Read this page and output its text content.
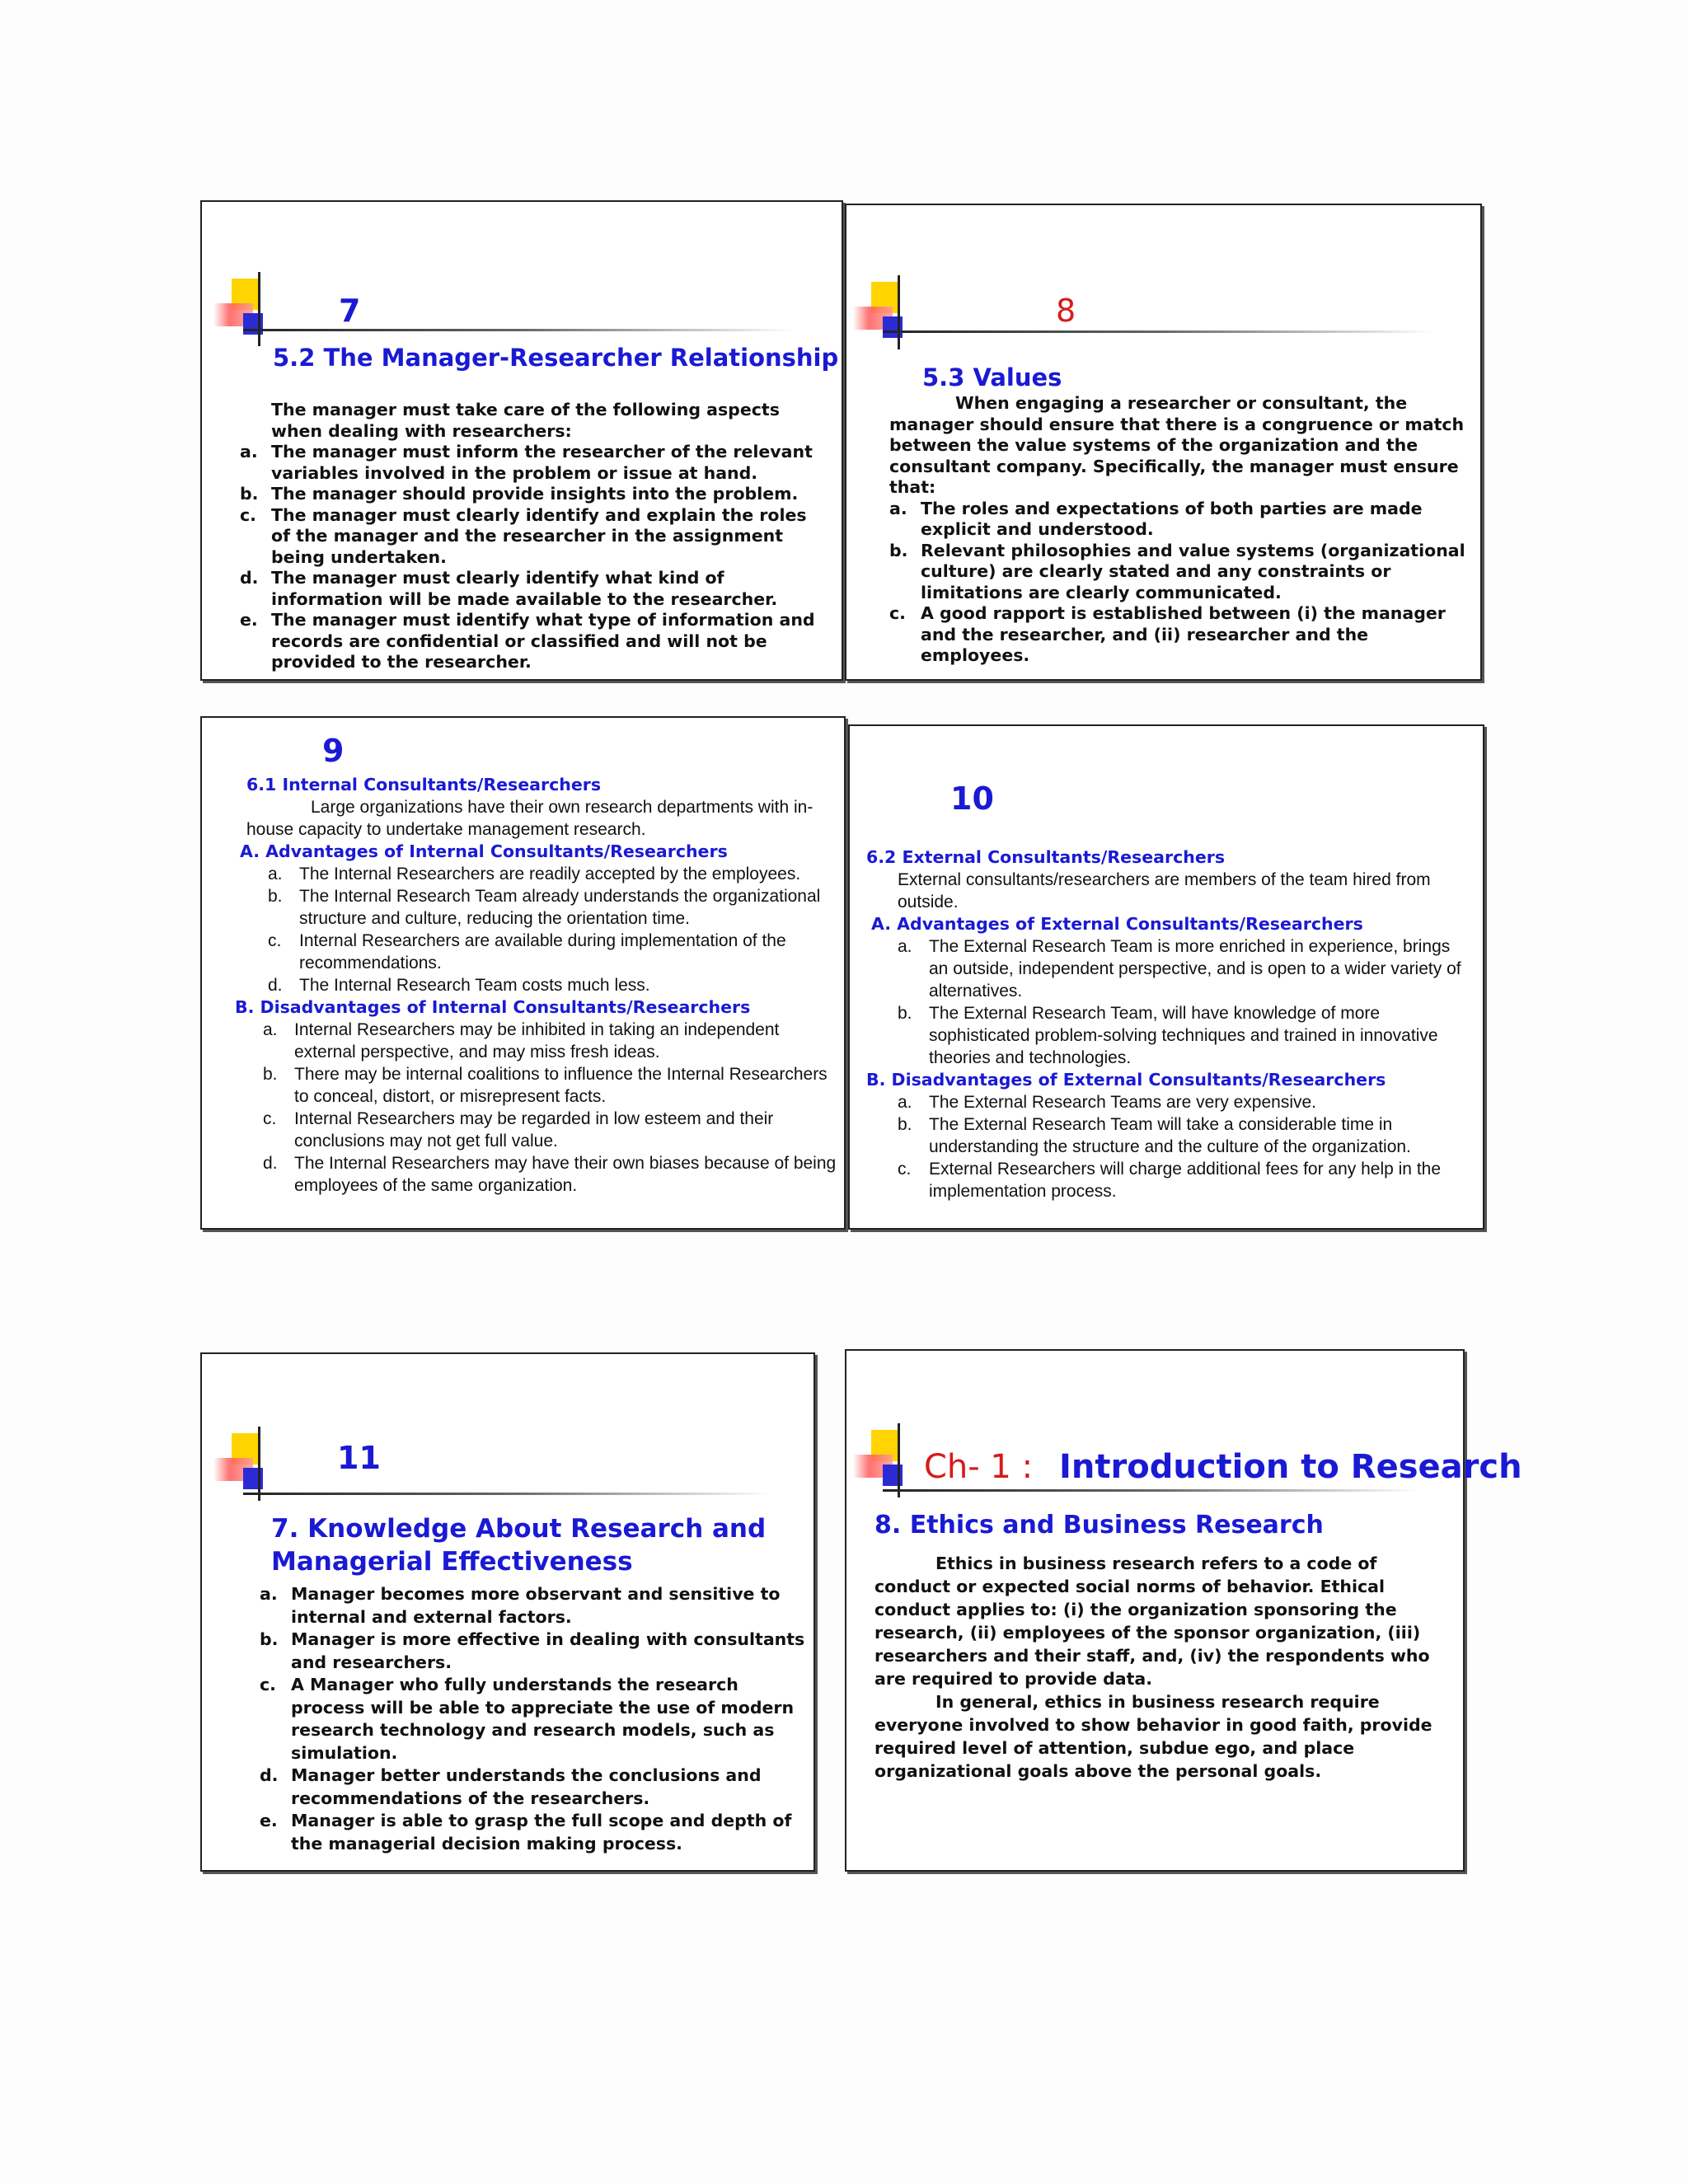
7
5.2 The Manager-Researcher Relationship

The manager must take care of the following aspects when dealing with researchers:

a. The manager must inform the researcher of the relevant variables involved in the problem or issue at hand.
b. The manager should provide insights into the problem.
c. The manager must clearly identify and explain the roles of the manager and the researcher in the assignment being undertaken.
d. The manager must clearly identify what kind of information will be made available to the researcher.
e. The manager must identify what type of information and records are confidential or classified and will not be provided to the researcher.
8
5.3 Values

When engaging a researcher or consultant, the manager should ensure that there is a congruence or match between the value systems of the organization and the consultant company. Specifically, the manager must ensure that:

a. The roles and expectations of both parties are made explicit and understood.
b. Relevant philosophies and value systems (organizational culture) are clearly stated and any constraints or limitations are clearly communicated.
c. A good rapport is established between (i) the manager and the researcher, and (ii) researcher and the employees.
9

6.1 Internal Consultants/Researchers

Large organizations have their own research departments with in-house capacity to undertake management research.

A. Advantages of Internal Consultants/Researchers

a. The Internal Researchers are readily accepted by the employees.
b. The Internal Research Team already understands the organizational structure and culture, reducing the orientation time.
c. Internal Researchers are available during implementation of the recommendations.
d. The Internal Research Team costs much less.

B. Disadvantages of Internal Consultants/Researchers

a. Internal Researchers may be inhibited in taking an independent external perspective, and may miss fresh ideas.
b. There may be internal coalitions to influence the Internal Researchers to conceal, distort, or misrepresent facts.
c. Internal Researchers may be regarded in low esteem and their conclusions may not get full value.
d. The Internal Researchers may have their own biases because of being employees of the same organization.
10

6.2 External Consultants/Researchers

External consultants/researchers are members of the team hired from outside.

A. Advantages of External Consultants/Researchers

a. The External Research Team is more enriched in experience, brings an outside, independent perspective, and is open to a wider variety of alternatives.
b. The External Research Team, will have knowledge of more sophisticated problem-solving techniques and trained in innovative theories and technologies.

B. Disadvantages of External Consultants/Researchers

a. The External Research Teams are very expensive.
b. The External Research Team will take a considerable time in understanding the structure and the culture of the organization.
c. External Researchers will charge additional fees for any help in the implementation process.
11
7. Knowledge About Research and
Managerial Effectiveness
a. Manager becomes more observant and sensitive to internal and external factors.
b. Manager is more effective in dealing with consultants and researchers.
c. A Manager who fully understands the research process will be able to appreciate the use of modern research technology and research models, such as simulation.
d. Manager better understands the conclusions and recommendations of the researchers.
e. Manager is able to grasp the full scope and depth of the managerial decision making process.
Ch- 1 : Introduction to Research
8. Ethics and Business Research

Ethics in business research refers to a code of conduct or expected social norms of behavior. Ethical conduct applies to: (i) the organization sponsoring the research, (ii) employees of the sponsor organization, (iii) researchers and their staff, and, (iv) the respondents who are required to provide data.

In general, ethics in business research require everyone involved to show behavior in good faith, provide required level of attention, subdue ego, and place organizational goals above the personal goals.
